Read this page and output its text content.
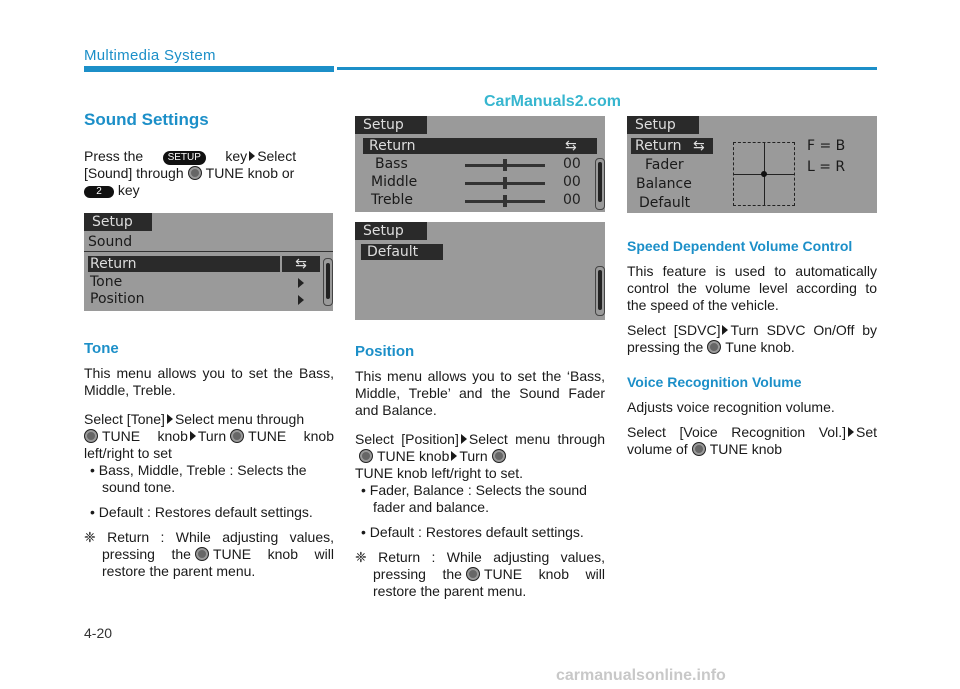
Multimedia System
CarManuals2.com
carmanualsonline.info
4-20
Sound Settings

Press the SETUP key Select
[Sound] through TUNE knob or
2 key

Setup
Sound
Return	⇆
Tone
Position
Tone

This menu allows you to set the Bass, Middle, Treble.

Select [Tone] Select menu through
TUNE knob Turn TUNE knob left/right to set

• Bass, Middle, Treble : Selects the sound tone.

• Default : Restores default settings.

❈ Return : While adjusting values, pressing the TUNE knob will restore the parent menu.

Setup
Return	⇆
Bass	00
Middle	00
Treble	00
Setup
Default
Position

This menu allows you to set the ‘Bass, Middle, Treble’ and the Sound Fader and Balance.

Select [Position] Select menu throughTUNE knob Turn
TUNE knob left/right to set.

• Fader, Balance : Selects the sound fader and balance.

• Default : Restores default settings.

❈ Return : While adjusting values, pressing the TUNE knob will restore the parent menu.

Setup
Return ⇆
Fader
Balance
Default
F = B
L = R
Speed Dependent Volume Control

This feature is used to automatically control the volume level according to the speed of the vehicle.

Select [SDVC] Turn SDVC On/Off by pressing the Tune knob.

Voice Recognition Volume

Adjusts voice recognition volume.

Select [Voice Recognition Vol.] Set volume of TUNE knob
